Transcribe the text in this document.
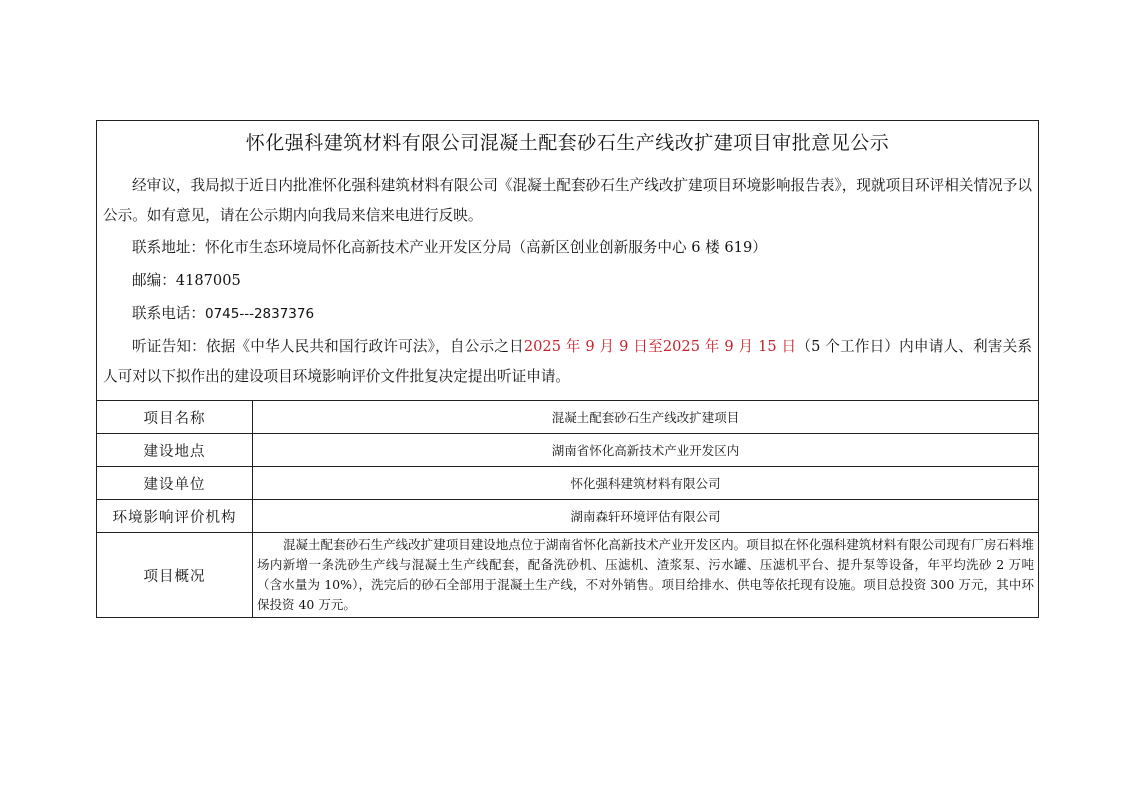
怀化强科建筑材料有限公司混凝土配套砂石生产线改扩建项目审批意见公示

经审议，我局拟于近日内批准怀化强科建筑材料有限公司《混凝土配套砂石生产线改扩建项目环境影响报告表》，现就项目环评相关情况予以公示。如有意见，请在公示期内向我局来信来电进行反映。

联系地址：怀化市生态环境局怀化高新技术产业开发区分局（高新区创业创新服务中心 6 楼 619）
邮编：4187005
联系电话：0745---2837376

听证告知：依据《中华人民共和国行政许可法》，自公示之日2025 年 9 月 9 日至2025 年 9 月 15 日（5 个工作日）内申请人、利害关系人可对以下拟作出的建设项目环境影响评价文件批复决定提出听证申请。

项目名称	混凝土配套砂石生产线改扩建项目
建设地点	湖南省怀化高新技术产业开发区内
建设单位	怀化强科建筑材料有限公司
环境影响评价机构	湖南森轩环境评估有限公司
项目概况	混凝土配套砂石生产线改扩建项目建设地点位于湖南省怀化高新技术产业开发区内。项目拟在怀化强科建筑材料有限公司现有厂房石料堆场内新增一条洗砂生产线与混凝土生产线配套，配备洗砂机、压滤机、渣浆泵、污水罐、压滤机平台、提升泵等设备，年平均洗砂 2 万吨（含水量为 10%），洗完后的砂石全部用于混凝土生产线，不对外销售。项目给排水、供电等依托现有设施。项目总投资 300 万元，其中环保投资 40 万元。
